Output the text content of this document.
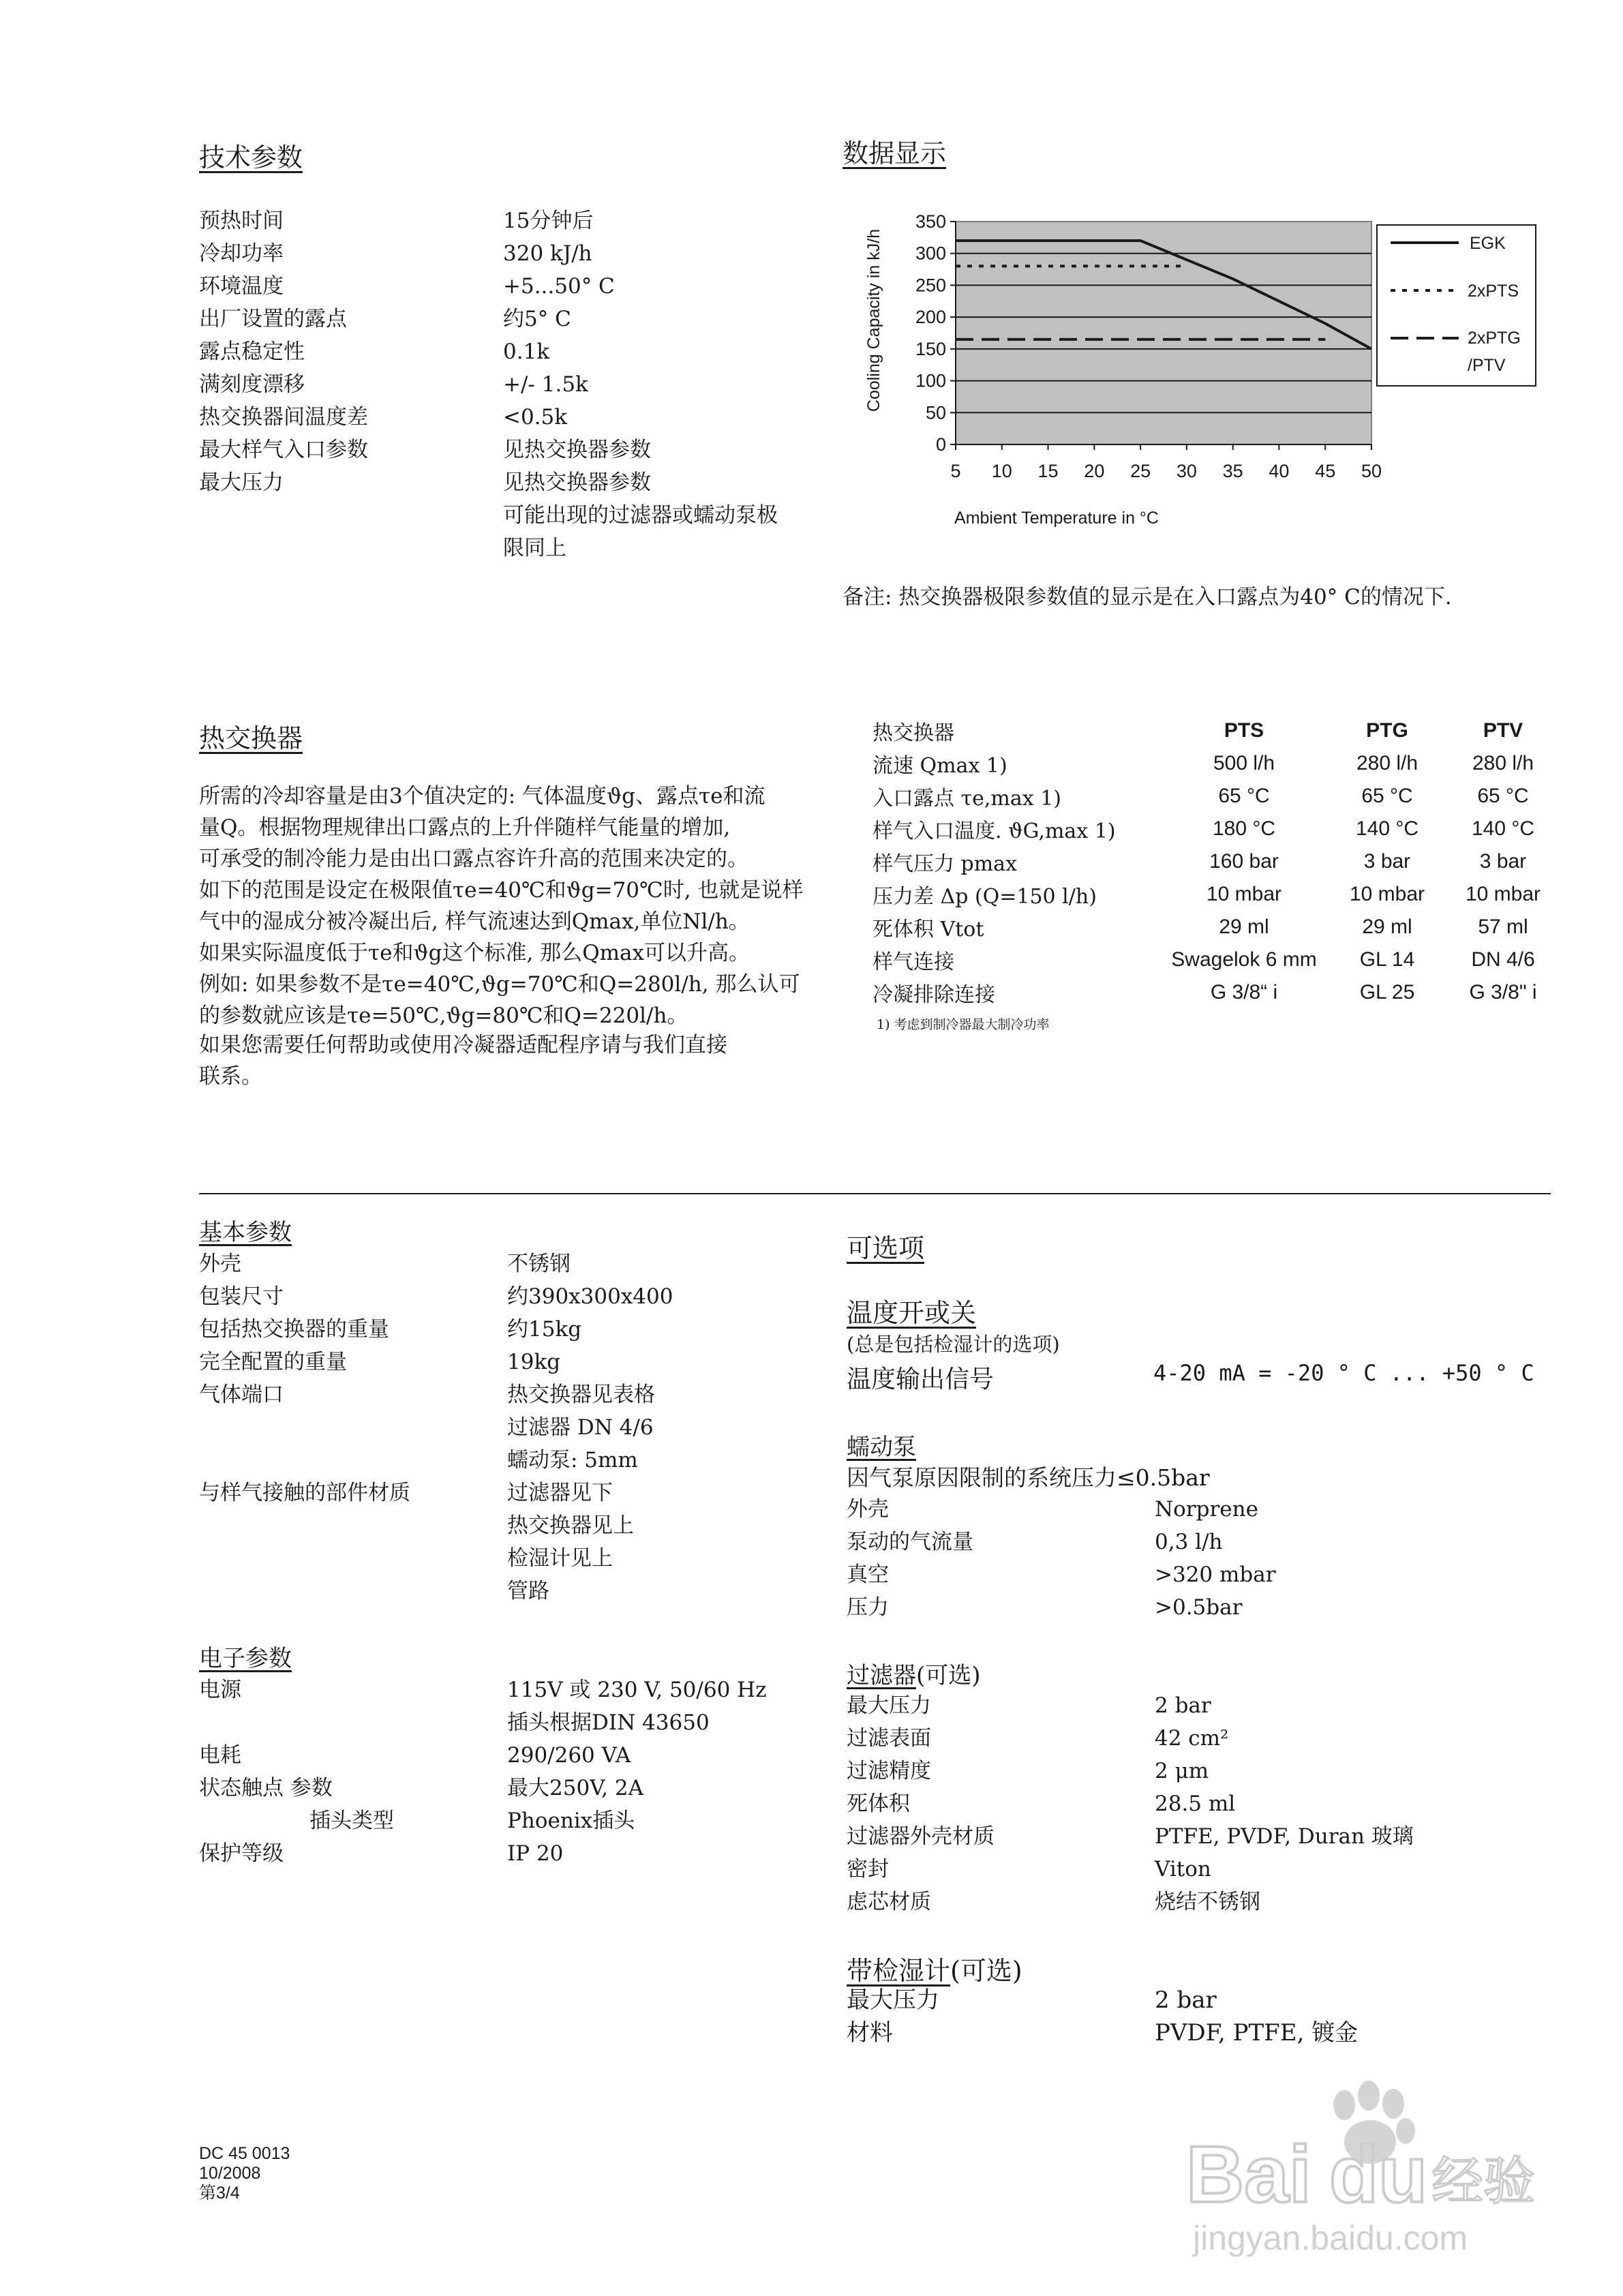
技术参数
预热时间	15分钟后
冷却功率	320 kJ/h
环境温度	+5...50° C
出厂设置的露点	约5° C
露点稳定性	0.1k
满刻度漂移	+/- 1.5k
热交换器间温度差	<0.5k
最大样气入口参数	见热交换器参数
最大压力	见热交换器参数
可能出现的过滤器或蠕动泵极
限同上
数据显示
0
50
100
150
200
250
300
350
5 10 15 20 25 30 35 40 45 50
Cooling Capacity in kJ/h
Ambient Temperature in °C
EGK
2xPTS
2xPTG
/PTV
备注: 热交换器极限参数值的显示是在入口露点为40° C的情况下.
热交换器
所需的冷却容量是由3个值决定的: 气体温度ϑg、露点τe和流
量Q。根据物理规律出口露点的上升伴随样气能量的增加,
可承受的制冷能力是由出口露点容许升高的范围来决定的。
如下的范围是设定在极限值τe=40℃和ϑg=70℃时, 也就是说样
气中的湿成分被冷凝出后, 样气流速达到Qmax,单位Nl/h。
如果实际温度低于τe和ϑg这个标准, 那么Qmax可以升高。
例如: 如果参数不是τe=40℃,ϑg=70℃和Q=280l/h, 那么认可
的参数就应该是τe=50℃,ϑg=80℃和Q=220l/h。
如果您需要任何帮助或使用冷凝器适配程序请与我们直接
联系。
热交换器	PTS	PTG	PTV
流速 Qmax 1)	500 l/h	280 l/h	280 l/h
入口露点 τe,max 1)	65 °C	65 °C	65 °C
样气入口温度. ϑG,max 1)	180 °C	140 °C	140 °C
样气压力 pmax	160 bar	3 bar	3 bar
压力差 Δp (Q=150 l/h)	10 mbar	10 mbar	10 mbar
死体积 Vtot	29 ml	29 ml	57 ml
样气连接	Swagelok 6 mm	GL 14	DN 4/6
冷凝排除连接	G 3/8“ i	GL 25	G 3/8" i
1) 考虑到制冷器最大制冷功率
基本参数
外壳	不锈钢
包装尺寸	约390x300x400
包括热交换器的重量	约15kg
完全配置的重量	19kg
气体端口	热交换器见表格
过滤器 DN 4/6
蠕动泵: 5mm
与样气接触的部件材质	过滤器见下
热交换器见上
检湿计见上
管路
电子参数
电源	115V 或 230 V, 50/60 Hz
插头根据DIN 43650
电耗	290/260 VA
状态触点 参数	最大250V, 2A
插头类型	Phoenix插头
保护等级	IP 20
可选项
温度开或关
(总是包括检湿计的选项)
温度输出信号	4-20 mA = -20 ° C ... +50 ° C
蠕动泵
因气泵原因限制的系统压力≤0.5bar
外壳	Norprene
泵动的气流量	0,3 l/h
真空	>320 mbar
压力	>0.5bar
过滤器(可选)
最大压力	2 bar
过滤表面	42 cm²
过滤精度	2 μm
死体积	28.5 ml
过滤器外壳材质	PTFE, PVDF, Duran 玻璃
密封	Viton
虑芯材质	烧结不锈钢
带检湿计(可选)
最大压力	2 bar
材料	PVDF, PTFE, 镀金
DC 45 0013
10/2008
第3/4	Bai du 经验
jingyan.baidu.com
